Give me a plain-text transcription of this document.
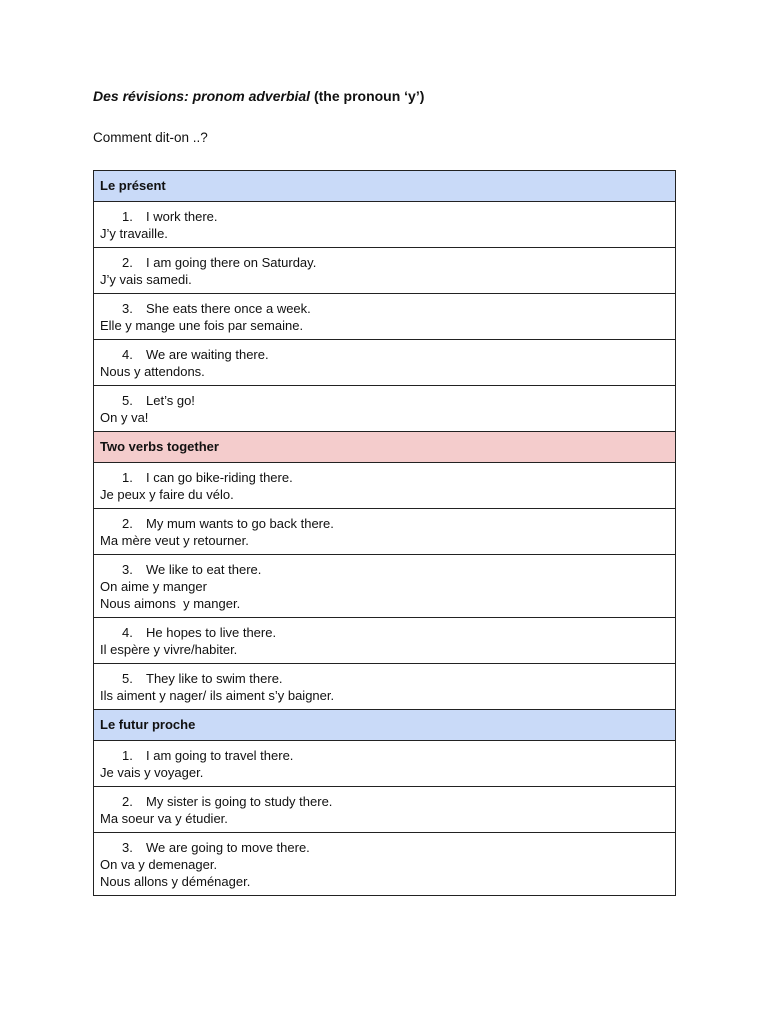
Des révisions: pronom adverbial (the pronoun ‘y’)
Comment dit-on ..?
Le présent

1. I work there.
J’y travaille.

2. I am going there on Saturday.
J’y vais samedi.

3. She eats there once a week.
Elle y mange une fois par semaine.

4. We are waiting there.
Nous y attendons.

5. Let’s go!
On y va!

Two verbs together

1. I can go bike-riding there.
Je peux y faire du vélo.

2. My mum wants to go back there.
Ma mère veut y retourner.

3. We like to eat there.
On aime y manger
Nous aimons  y manger.

4. He hopes to live there.
Il espère y vivre/habiter.

5. They like to swim there.
Ils aiment y nager/ ils aiment s’y baigner.

Le futur proche

1. I am going to travel there.
Je vais y voyager.

2. My sister is going to study there.
Ma soeur va y étudier.

3. We are going to move there.
On va y demenager.
Nous allons y déménager.
